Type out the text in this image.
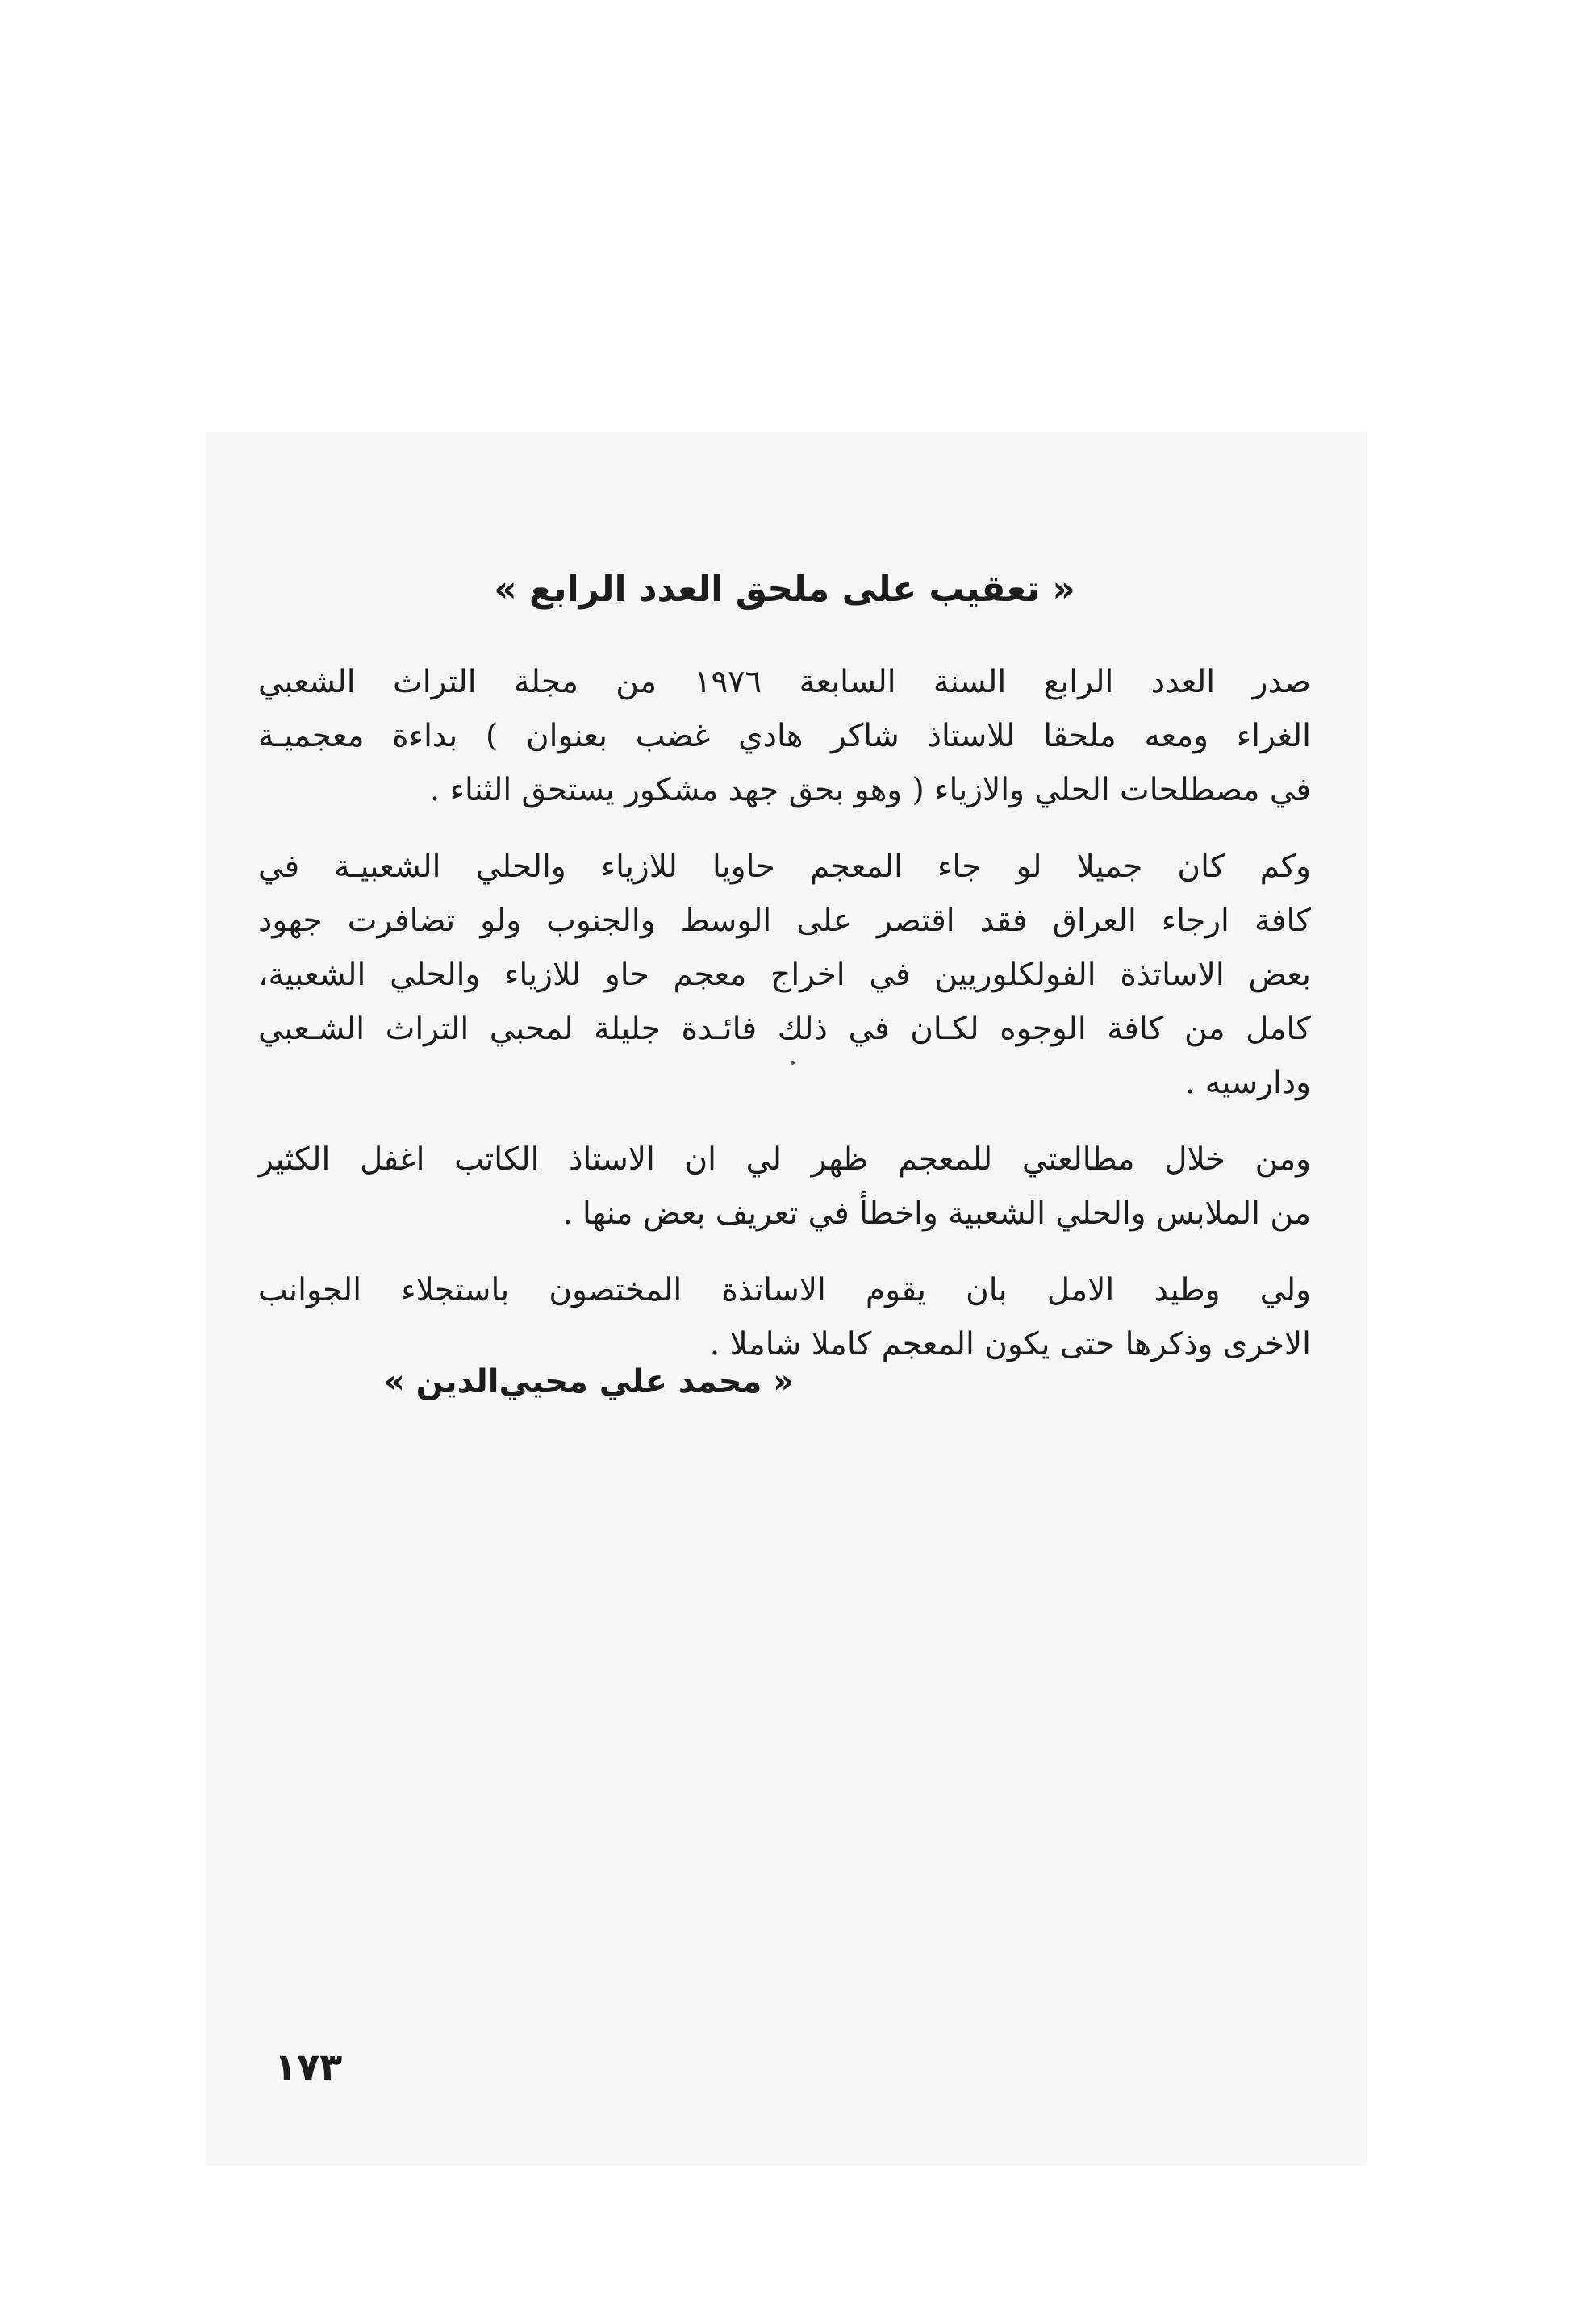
« تعقيب على ملحق العدد الرابع »
صدر العدد الرابع السنة السابعة ١٩٧٦ من مجلة التراث الشعبي
الغراء ومعه ملحقا للاستاذ شاكر هادي غضب بعنوان ) بداءة معجميـة
في مصطلحات الحلي والازياء ( وهو بحق جهد مشكور يستحق الثناء .
وكم كان جميلا لو جاء المعجم حاويا للازياء والحلي الشعبيـة في
كافة ارجاء العراق فقد اقتصر على الوسط والجنوب ولو تضافرت جهود
بعض الاساتذة الفولكلوريين في اخراج معجم حاو للازياء والحلي الشعبية،
كامل من كافة الوجوه لكـان في ذلك فائـدة جليلة لمحبي التراث الشـعبي
ودارسيه .
ومن خلال مطالعتي للمعجم ظهر لي ان الاستاذ الكاتب اغفل الكثير
من الملابس والحلي الشعبية واخطأ في تعريف بعض منها .
ولي وطيد الامل بان يقوم الاساتذة المختصون باستجلاء الجوانب
الاخرى وذكرها حتى يكون المعجم كاملا شاملا .
« محمد علي محيي‌الدين »
١٧٣
